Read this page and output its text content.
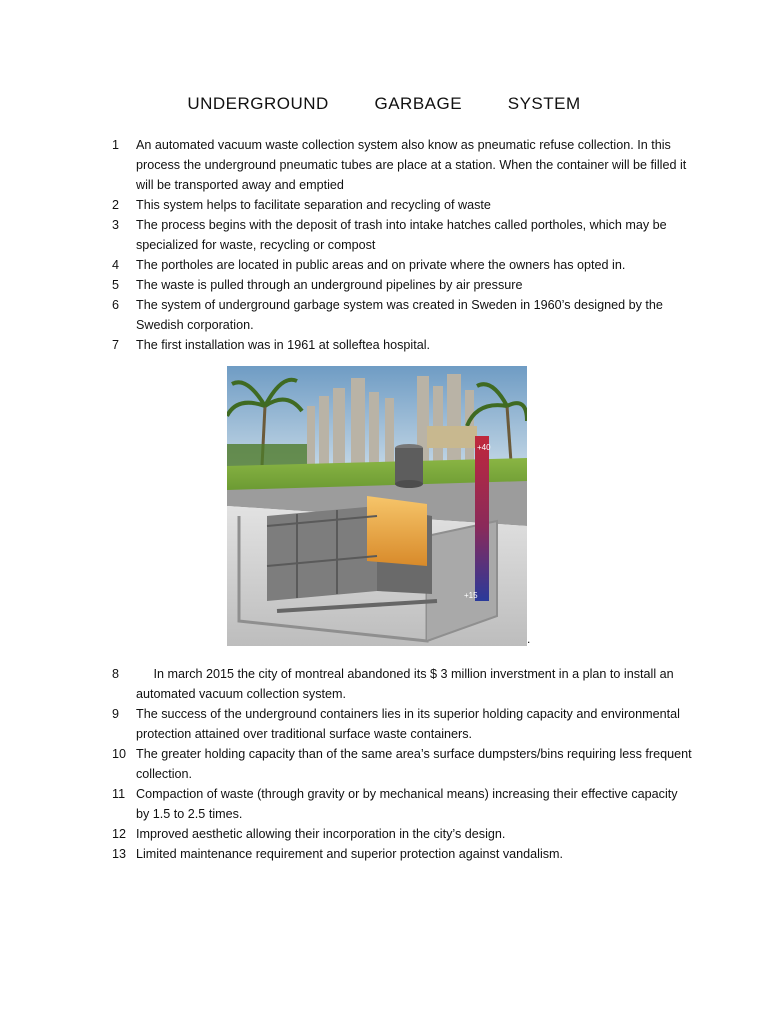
UNDERGROUND   GARBAGE   SYSTEM
1	An automated vacuum waste collection system also know as pneumatic refuse collection. In this process the underground pneumatic tubes are place at a station. When the container will be filled it will be transported away and emptied
2	This system helps to facilitate separation and recycling of waste
3	The process begins with the deposit of trash into intake hatches called portholes, which may be specialized for waste, recycling or compost
4	The portholes are located in public areas and on private where the owners has opted in.
5	The waste is pulled through an underground pipelines by air pressure
6	The system of underground garbage system was created in Sweden in 1960’s designed by the Swedish corporation.
7	The first installation was in 1961 at solleftea hospital.
+40
+15
.
8	In march 2015 the city of montreal abandoned its $ 3 million inverstment in a plan to install an automated vacuum collection system.
9	The success of the underground containers lies in its superior holding capacity and environmental protection attained over traditional surface waste containers.
10 The greater holding capacity than of the same area’s surface dumpsters/bins requiring less frequent collection.
11 Compaction of waste (through gravity or by mechanical means) increasing their effective capacity by 1.5 to 2.5 times.
12 Improved aesthetic allowing their incorporation in the city’s design.
13 Limited maintenance requirement and superior protection against vandalism.
